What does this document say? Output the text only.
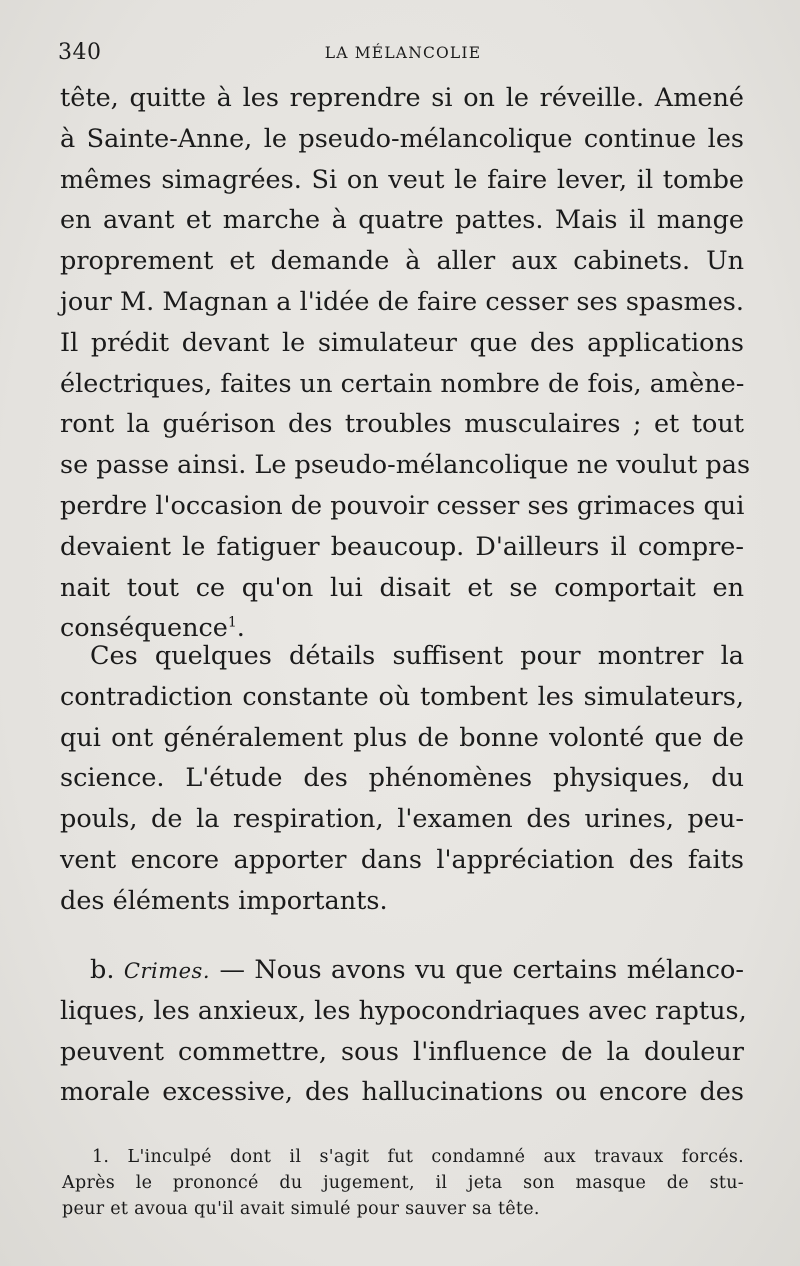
340	LA MÉLANCOLIE
tête, quitte à les reprendre si on le réveille. Amené
à Sainte-Anne, le pseudo-mélancolique continue les
mêmes simagrées. Si on veut le faire lever, il tombe
en avant et marche à quatre pattes. Mais il mange
proprement et demande à aller aux cabinets. Un
jour M. Magnan a l'idée de faire cesser ses spasmes.
Il prédit devant le simulateur que des applications
électriques, faites un certain nombre de fois, amène-
ront la guérison des troubles musculaires ; et tout
se passe ainsi. Le pseudo-mélancolique ne voulut pas
perdre l'occasion de pouvoir cesser ses grimaces qui
devaient le fatiguer beaucoup. D'ailleurs il compre-
nait tout ce qu'on lui disait et se comportait en
conséquence$^1$.
Ces quelques détails suffisent pour montrer la
contradiction constante où tombent les simulateurs,
qui ont généralement plus de bonne volonté que de
science. L'étude des phénomènes physiques, du
pouls, de la respiration, l'examen des urines, peu-
vent encore apporter dans l'appréciation des faits
des éléments importants.
b. Crimes. — Nous avons vu que certains mélanco-
liques, les anxieux, les hypocondriaques avec raptus,
peuvent commettre, sous l'influence de la douleur
morale excessive, des hallucinations ou encore des
1. L'inculpé dont il s'agit fut condamné aux travaux forcés.
Après le prononcé du jugement, il jeta son masque de stu-
peur et avoua qu'il avait simulé pour sauver sa tête.
